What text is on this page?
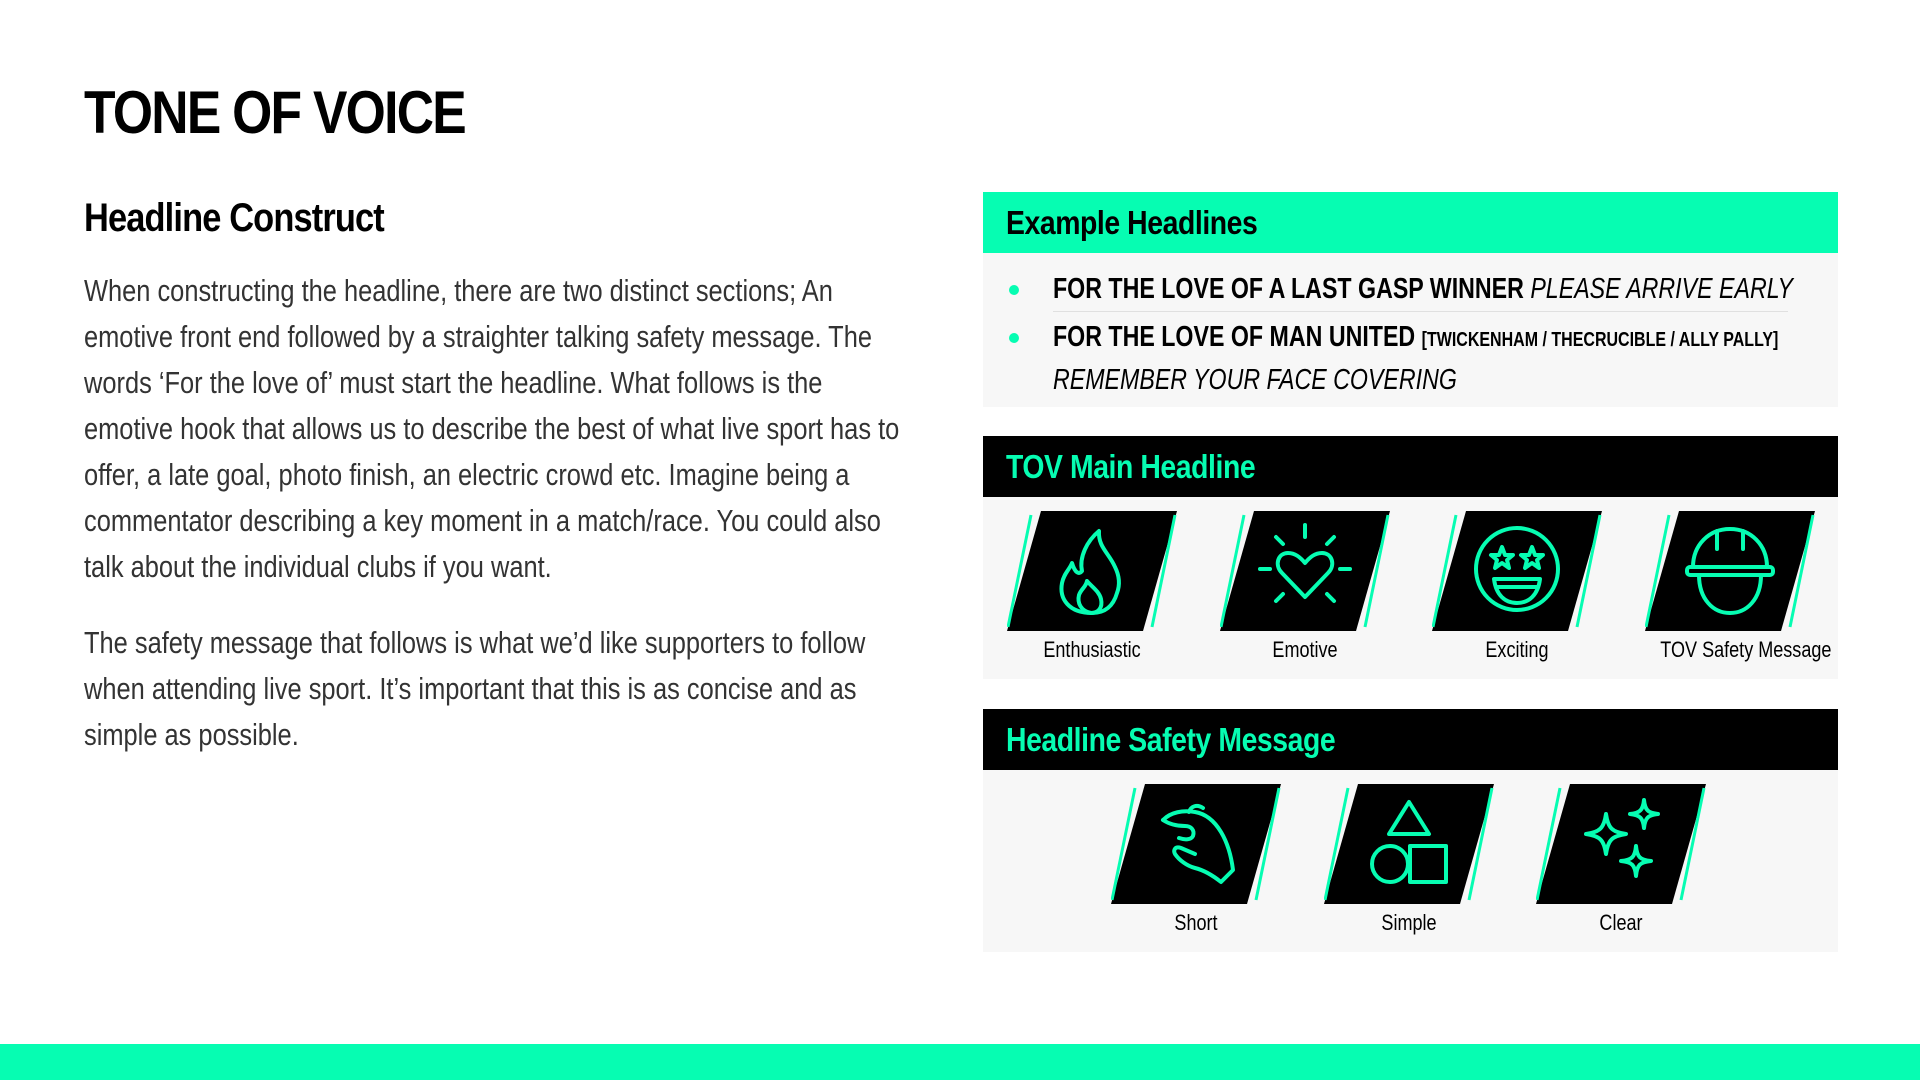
TONE OF VOICE
Headline Construct

When constructing the headline, there are two distinct sections; An emotive front end followed by a straighter talking safety message. The words ‘For the love of’ must start the headline. What follows is the emotive hook that allows us to describe the best of what live sport has to offer, a late goal, photo finish, an electric crowd etc. Imagine being a commentator describing a key moment in a match/race. You could also talk about the individual clubs if you want.

The safety message that follows is what we’d like supporters to follow when attending live sport. It’s important that this is as concise and as simple as possible.

Example Headlines
FOR THE LOVE OF A LAST GASP WINNER PLEASE ARRIVE EARLY
FOR THE LOVE OF MAN UNITED [TWICKENHAM / THECRUCIBLE / ALLY PALLY]
REMEMBER YOUR FACE COVERING
TOV Main Headline
Enthusiastic	Emotive	Exciting	TOV Safety Message
Headline Safety Message
Short	Simple	Clear
